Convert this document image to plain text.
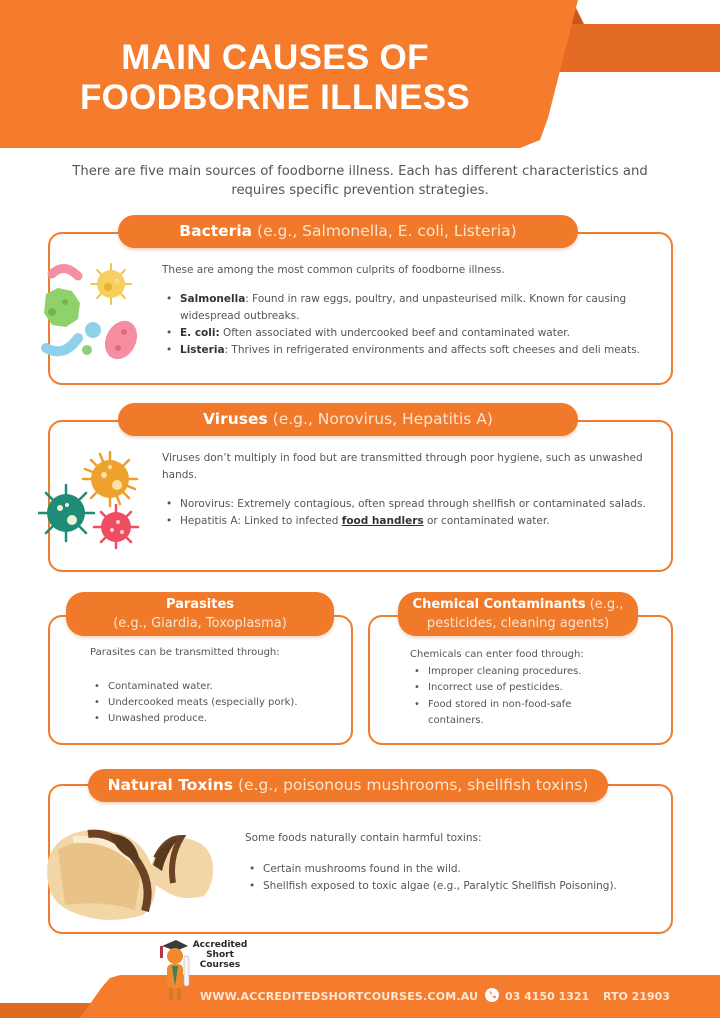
MAIN CAUSES OF
FOODBORNE ILLNESS

There are five main sources of foodborne illness. Each has different characteristics and requires specific prevention strategies.

Bacteria (e.g., Salmonella, E. coli, Listeria)

These are among the most common culprits of foodborne illness.

• Salmonella: Found in raw eggs, poultry, and unpasteurised milk. Known for causing widespread outbreaks.
• E. coli: Often associated with undercooked beef and contaminated water.
• Listeria: Thrives in refrigerated environments and affects soft cheeses and deli meats.
Viruses (e.g., Norovirus, Hepatitis A)

Viruses don’t multiply in food but are transmitted through poor hygiene, such as unwashed hands.

• Norovirus: Extremely contagious, often spread through shellfish or contaminated salads.
• Hepatitis A: Linked to infected food handlers or contaminated water.
Parasites
(e.g., Giardia, Toxoplasma)

Parasites can be transmitted through:

• Contaminated water.
• Undercooked meats (especially pork).
• Unwashed produce.
Chemical Contaminants (e.g.,
pesticides, cleaning agents)

Chemicals can enter food through:

• Improper cleaning procedures.
• Incorrect use of pesticides.
• Food stored in non-food-safe containers.
Natural Toxins (e.g., poisonous mushrooms, shellfish toxins)

Some foods naturally contain harmful toxins:

• Certain mushrooms found in the wild.
• Shellfish exposed to toxic algae (e.g., Paralytic Shellfish Poisoning).
Accredited
Short
Courses
WWW.ACCREDITEDSHORTCOURSES.COM.AU 03 4150 1321 RTO 21903
